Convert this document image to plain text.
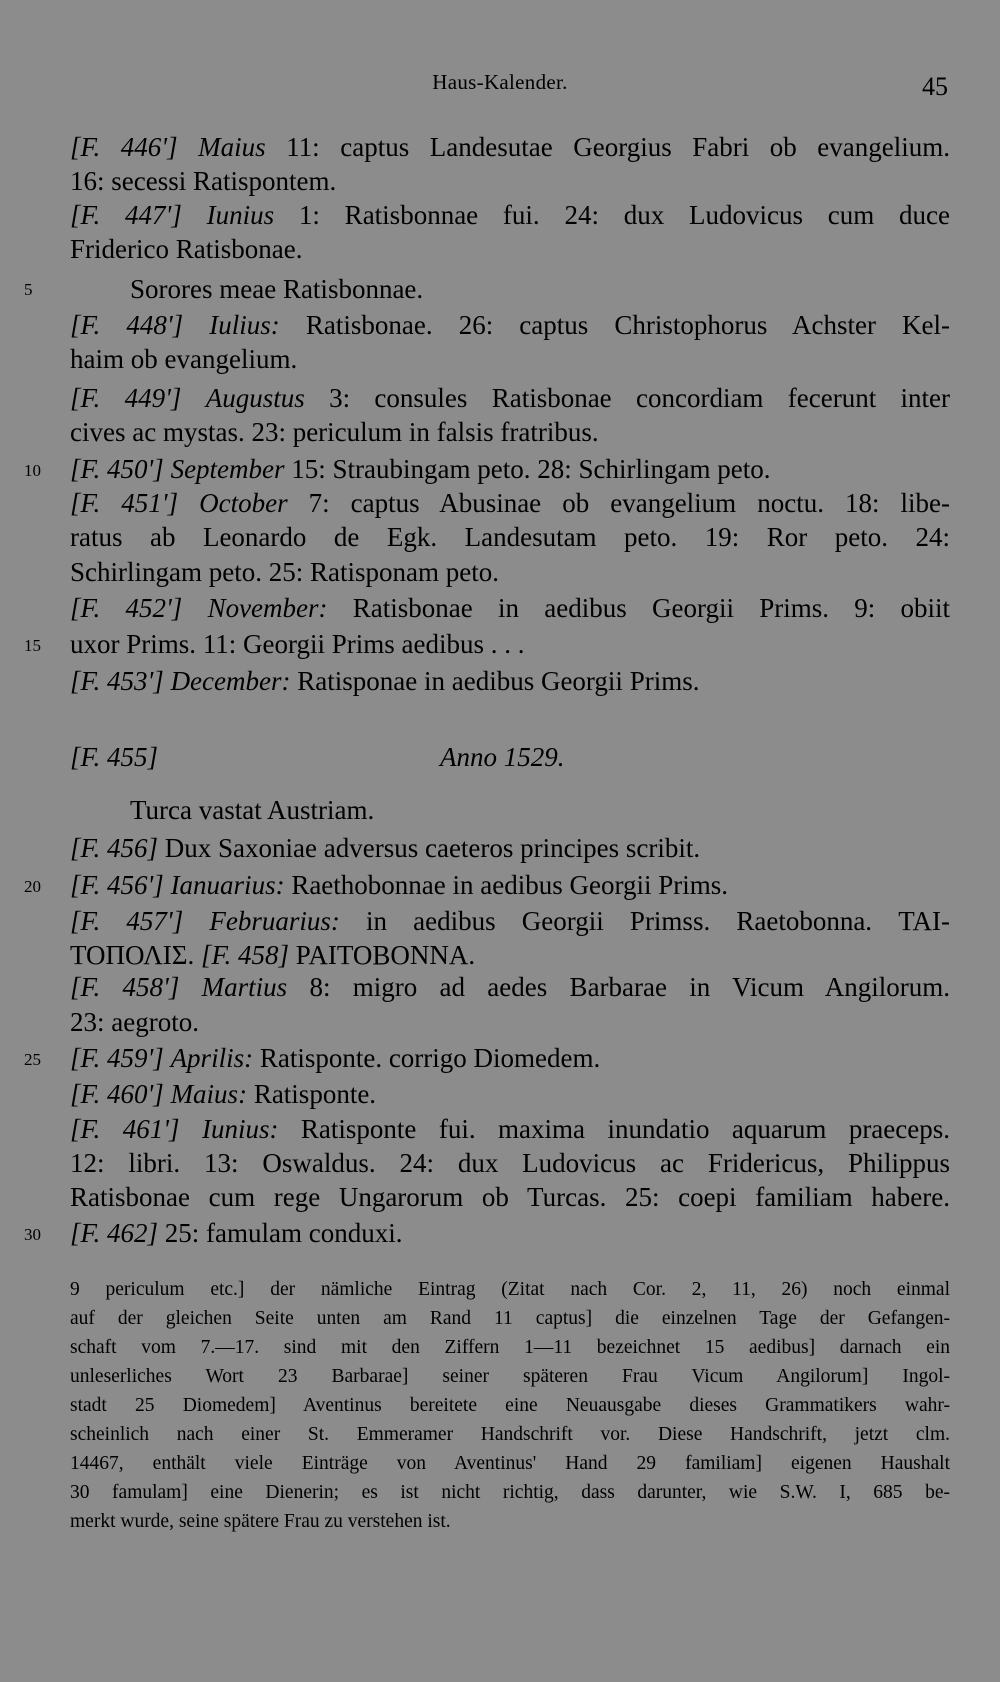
Haus-Kalender.	45
[F. 446ʹ] Maius 11: captus Landesutae Georgius Fabri ob evangelium.
16: secessi Ratispontem.
[F. 447ʹ] Iunius 1: Ratisbonnae fui. 24: dux Ludovicus cum duce
Friderico Ratisbonae.
5	Sorores meae Ratisbonnae.
[F. 448ʹ] Iulius: Ratisbonae. 26: captus Christophorus Achster Kel-
haim ob evangelium.
[F. 449ʹ] Augustus 3: consules Ratisbonae concordiam fecerunt inter
cives ac mystas. 23: periculum in falsis fratribus.
10 [F. 450ʹ] September 15: Straubingam peto. 28: Schirlingam peto.
[F. 451ʹ] October 7: captus Abusinae ob evangelium noctu. 18: libe-
ratus ab Leonardo de Egk. Landesutam peto. 19: Ror peto. 24:
Schirlingam peto. 25: Ratisponam peto.
[F. 452ʹ] November: Ratisbonae in aedibus Georgii Prims. 9: obiit
15 uxor Prims. 11: Georgii Prims aedibus . . .
[F. 453ʹ] December: Ratisponae in aedibus Georgii Prims.
[F. 455]	Anno 1529.
Turca vastat Austriam.
[F. 456] Dux Saxoniae adversus caeteros principes scribit.
20 [F. 456ʹ] Ianuarius: Raethobonnae in aedibus Georgii Prims.
[F. 457ʹ] Februarius: in aedibus Georgii Primss. Raetobonna. ΤΑΙ-
ΤΟΠΟΛΙΣ. [F. 458] ΡΑΙΤΟΒΟΝΝΑ.
[F. 458ʹ] Martius 8: migro ad aedes Barbarae in Vicum Angilorum.
23: aegroto.
25 [F. 459ʹ] Aprilis: Ratisponte. corrigo Diomedem.
[F. 460ʹ] Maius: Ratisponte.
[F. 461ʹ] Iunius: Ratisponte fui. maxima inundatio aquarum praeceps.
12: libri. 13: Oswaldus. 24: dux Ludovicus ac Fridericus, Philippus
Ratisbonae cum rege Ungarorum ob Turcas. 25: coepi familiam habere.
30 [F. 462] 25: famulam conduxi.
9 periculum etc.] der nämliche Eintrag (Zitat nach Cor. 2, 11, 26) noch einmal
auf der gleichen Seite unten am Rand 11 captus] die einzelnen Tage der Gefangen-
schaft vom 7.—17. sind mit den Ziffern 1—11 bezeichnet 15 aedibus] darnach ein
unleserliches Wort 23 Barbarae] seiner späteren Frau Vicum Angilorum] Ingol-
stadt 25 Diomedem] Aventinus bereitete eine Neuausgabe dieses Grammatikers wahr-
scheinlich nach einer St. Emmeramer Handschrift vor. Diese Handschrift, jetzt clm.
14467, enthält viele Einträge von Aventinus' Hand 29 familiam] eigenen Haushalt
30 famulam] eine Dienerin; es ist nicht richtig, dass darunter, wie S.W. I, 685 be-
merkt wurde, seine spätere Frau zu verstehen ist.
